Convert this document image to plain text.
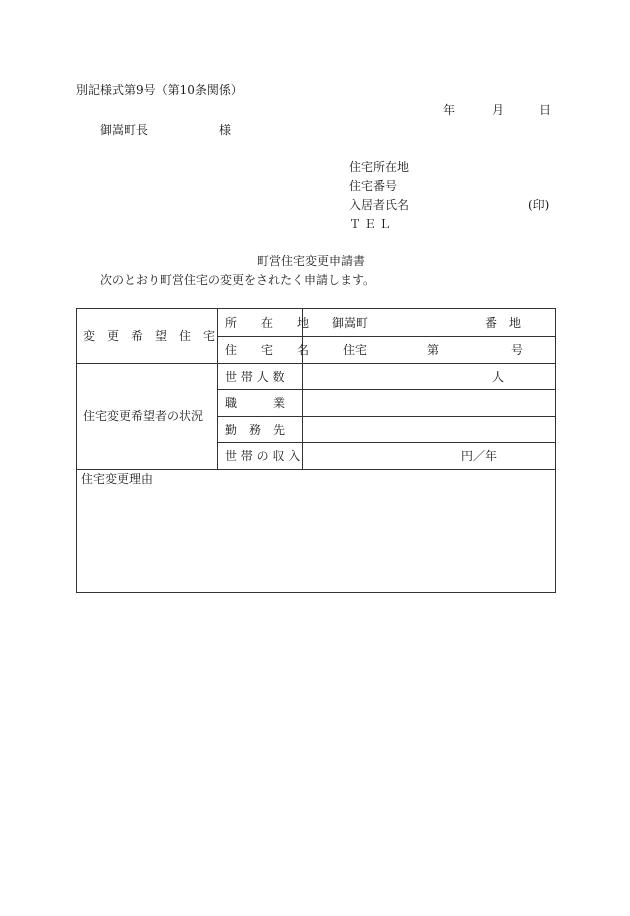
別記様式第9号（第10条関係）
年	月	日
御嵩町長	様
住宅所在地
住宅番号
入居者氏名	(印)
ＴＥＬ
町営住宅変更申請書
次のとおり町営住宅の変更をされたく申請します。
変　更　希　望　住　宅
所　　在　　地 御嵩町	番　地
住　　宅　　名	住宅	第	号
住宅変更希望者の状況
世 帯 人 数	人
職　　　業
勤　務　先
世 帯 の 収 入	円／年
住宅変更理由
